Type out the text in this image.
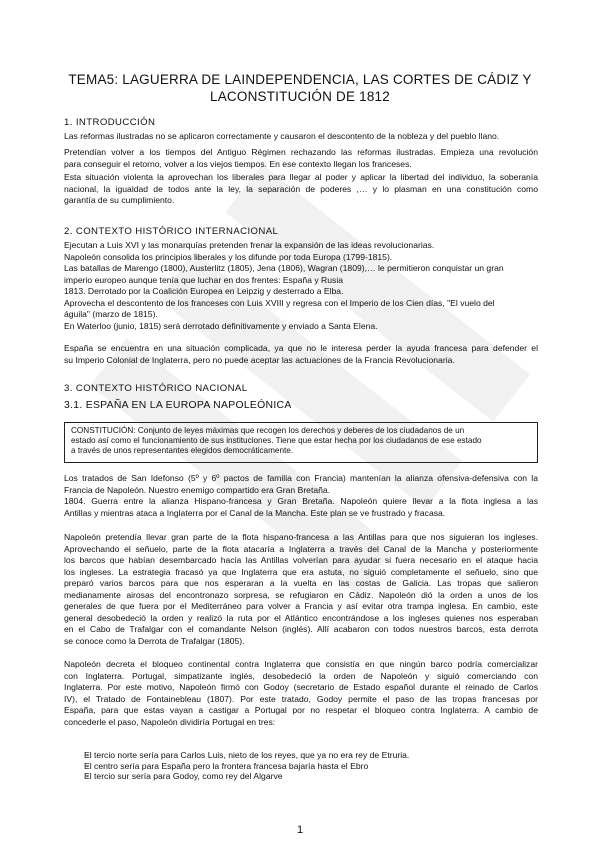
TEMA5: LAGUERRA DE LAINDEPENDENCIA, LAS CORTES DE CÁDIZ Y
LACONSTITUCIÓN DE 1812
1. INTRODUCCIÓN
Las reformas ilustradas no se aplicaron correctamente y causaron el descontento de la nobleza y del pueblo llano.
Pretendían volver a los tiempos del Antiguo Régimen rechazando las reformas ilustradas. Empieza una revolución
para conseguir el retorno, volver a los viejos tiempos. En ese contexto llegan los franceses.
Esta situación violenta la aprovechan los liberales para llegar al poder y aplicar la libertad del individuo, la soberanía
nacional, la igualdad de todos ante la ley, la separación de poderes ,… y lo plasman en una constitución como
garantía de su cumplimiento.
2. CONTEXTO HISTÓRICO INTERNACIONAL
Ejecutan a Luis XVI y las monarquías pretenden frenar la expansión de las ideas revolucionarias.
Napoleón consolida los principios liberales y los difunde por toda Europa (1799-1815).
Las batallas de Marengo (1800), Austerlitz (1805), Jena (1806), Wagran (1809),… le permitieron conquistar un gran
imperio europeo aunque tenía que luchar en dos frentes: España y Rusia
1813. Derrotado por la Coalición Europea en Leipzig y desterrado a Elba.
Aprovecha el descontento de los franceses con Luis XVIII y regresa con el Imperio de los Cien días, "El vuelo del
águila" (marzo de 1815).
En Waterloo (junio, 1815) será derrotado definitivamente y enviado a Santa Elena.
España se encuentra en una situación complicada, ya que no le interesa perder la ayuda francesa para defender el
su Imperio Colonial de Inglaterra, pero no puede aceptar las actuaciones de la Francia Revolucionaria.
3. CONTEXTO HISTÓRICO NACIONAL
3.1. ESPAÑA EN LA EUROPA NAPOLEÓNICA
CONSTITUCIÓN: Conjunto de leyes máximas que recogen los derechos y deberes de los ciudadanos de un
estado así como el funcionamiento de sus instituciones. Tiene que estar hecha por los ciudadanos de ese estado
a través de unos representantes elegidos democráticamente.
Los tratados de San Idefonso (5º y 6º pactos de familia con Francia) mantenían la alianza ofensiva-defensiva con la
Francia de Napoleón. Nuestro enemigo compartido era Gran Bretaña.
1804. Guerra entre la alianza Hispano-francesa y Gran Bretaña. Napoleón quiere llevar a la flota inglesa a las
Antillas y mientras ataca a Inglaterra por el Canal de la Mancha. Este plan se ve frustrado y fracasa.
Napoleón pretendía llevar gran parte de la flota hispano-francesa a las Antillas para que nos siguieran los ingleses.
Aprovechando el señuelo, parte de la flota atacaría a Inglaterra a través del Canal de la Mancha y posteriormente
los barcos que habían desembarcado hacia las Antillas volverían para ayudar si fuera necesario en el ataque hacia
los ingleses. La estrategia fracasó ya que Inglaterra que era astuta, no siguió completamente el señuelo, sino que
preparó varios barcos para que nos esperaran a la vuelta en las costas de Galicia. Las tropas que salieron
medianamente airosas del encontronazo sorpresa, se refugiaron en Cádiz. Napoleón dió la orden a unos de los
generales de que fuera por el Mediterráneo para volver a Francia y así evitar otra trampa inglesa. En cambio, este
general desobedeció la orden y realizó la ruta por el Atlántico encontrándose a los ingleses quienes nos esperaban
en el Cabo de Trafalgar con el comandante Nelson (inglés). Allí acabaron con todos nuestros barcos, esta derrota
se conoce como la Derrota de Trafalgar (1805).
Napoleón decreta el bloqueo continental contra Inglaterra que consistía en que ningún barco podría comercializar
con Inglaterra. Portugal, simpatizante inglés, desobedeció la orden de Napoleón y siguió comerciando con
Inglaterra. Por este motivo, Napoleón firmó con Godoy (secretario de Estado español durante el reinado de Carlos
IV), el Tratado de Fontainebleau (1807). Por este tratado, Godoy permite el paso de las tropas francesas por
España, para que estas vayan a castigar a Portugal por no respetar el bloqueo contra Inglaterra. A cambio de
concederle el paso, Napoleón dividiría Portugal en tres:
- El tercio norte sería para Carlos Luis, nieto de los reyes, que ya no era rey de Etruria.
- El centro sería para España pero la frontera francesa bajaría hasta el Ebro
- El tercio sur sería para Godoy, como rey del Algarve
1
